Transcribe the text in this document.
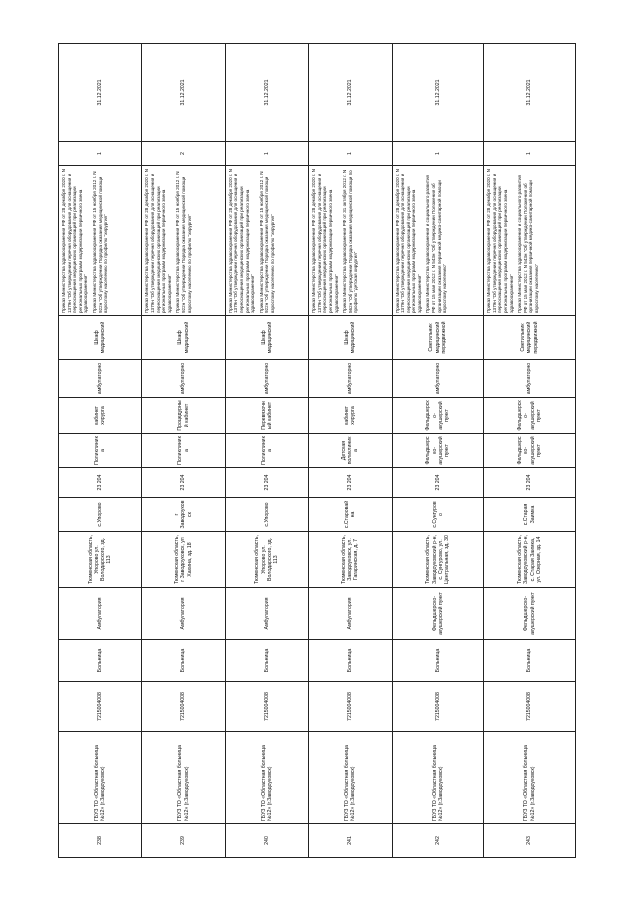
238	ГБУЗ ТО «Областная больница №12» (г.Заводоуковск)	7215004008	Больница	Амбулатория	Тюменская область, Упорово ул. Володарского, зд. 113	с.Упорово	23 204	Поликлиника	кабинет хирурга	амбулаторно	Шкаф медицинский	Приказ Министерства здравоохранения РФ от 28 декабря 2020 г. N 1379н "Об утверждении перечня оборудования для оснащения и переоснащения медицинских организаций при реализации региональных программ модернизации первичного звена здравоохранения" Приказ Министерства здравоохранения РФ от 15 ноября 2012 г. N 922н "Об утверждении Порядка оказания медицинской помощи взрослому населению по профилю "хирургия"	1	31.12.2021
239	ГБУЗ ТО «Областная больница №12» (г.Заводоуковск)	7215004008	Больница	Амбулатория	Тюменская область, г Заводоуковск, ул Хахина, зд. 18	г Заводоуковск	23 204	Поликлиника	Процедурный кабинет	амбулаторно	Шкаф медицинский	Приказ Министерства здравоохранения РФ от 28 декабря 2020 г. N 1379н "Об утверждении перечня оборудования для оснащения и переоснащения медицинских организаций при реализации региональных программ модернизации первичного звена здравоохранения" Приказ Министерства здравоохранения РФ от 15 ноября 2012 г. N 922н "Об утверждении Порядка оказания медицинской помощи взрослому населению по профилю "хирургия"	2	31.12.2021
240	ГБУЗ ТО «Областная больница №12» (г.Заводоуковск)	7215004008	Больница	Амбулатория	Тюменская область, Упорово ул. Володарского, зд. 113	с.Упорово	23 204	Поликлиника	Перевязочный кабинет	амбулаторно	Шкаф медицинский	Приказ Министерства здравоохранения РФ от 28 декабря 2020 г. N 1379н "Об утверждении перечня оборудования для оснащения и переоснащения медицинских организаций при реализации региональных программ модернизации первичного звена здравоохранения" Приказ Министерства здравоохранения РФ от 15 ноября 2012 г. N 922н "Об утверждении Порядка оказания медицинской помощи взрослому населению по профилю "хирургия"	1	31.12.2021
241	ГБУЗ ТО «Областная больница №12» (г.Заводоуковск)	7215004008	Больница	Амбулатория	Тюменская область, Заводоуковск, ул. Гагаринская, д. 7	с.Старовайна	23 204	Детская поликлиника	кабинет хирурга	амбулаторно	Шкаф медицинский	Приказ Министерства здравоохранения РФ от 28 декабря 2020 г. N 1379н "Об утверждении перечня оборудования для оснащения и переоснащения медицинских организаций при реализации региональных программ модернизации первичного звена здравоохранения" Приказ Министерства здравоохранения РФ от 31 октября 2012 г. N 562н "Об утверждении Порядка оказания медицинской помощи по профилю "детская хирургия"	1	31.12.2021
242	ГБУЗ ТО «Областная больница №12» (г.Заводоуковск)	7215004008	Больница	Фельдшерско-акушерский пункт	Тюменская область, Заводоуковский р-н, с. Сунгурово, ул. Центральная, зд. 30	с.Сунгурово	23 204	Фельдшерско-акушерский пункт	Фельдшерско-акушерский пункт	амбулаторно	Светильник медицинский передвижной	Приказ Министерства здравоохранения РФ от 28 декабря 2020 г. N 1379н "Об утверждении перечня оборудования для оснащения и переоснащения медицинских организаций при реализации региональных программ модернизации первичного звена здравоохранения" Приказ Министерства здравоохранения и социального развития РФ от 15 мая 2012 г. N 543н "Об утверждении Положения об организации оказания первичной медико-санитарной помощи взрослому населению"	1	31.12.2021
243	ГБУЗ ТО «Областная больница №12» (г.Заводоуковск)	7215004008	Больница	Фельдшерско-акушерский пункт	Тюменская область, Заводоуковский р-н, с. Старая Заимка, ул. Озерная, зд. 14	с.Старая Заимка	23 204	Фельдшерско-акушерский пункт	Фельдшерско-акушерский пункт	амбулаторно	Светильник медицинский передвижной	Приказ Министерства здравоохранения РФ от 28 декабря 2020 г. N 1379н "Об утверждении перечня оборудования для оснащения и переоснащения медицинских организаций при реализации региональных программ модернизации первичного звена здравоохранения" Приказ Министерства здравоохранения и социального развития РФ от 15 мая 2012 г. N 543н "Об утверждении Положения об организации оказания первичной медико-санитарной помощи взрослому населению"	1	31.12.2021
